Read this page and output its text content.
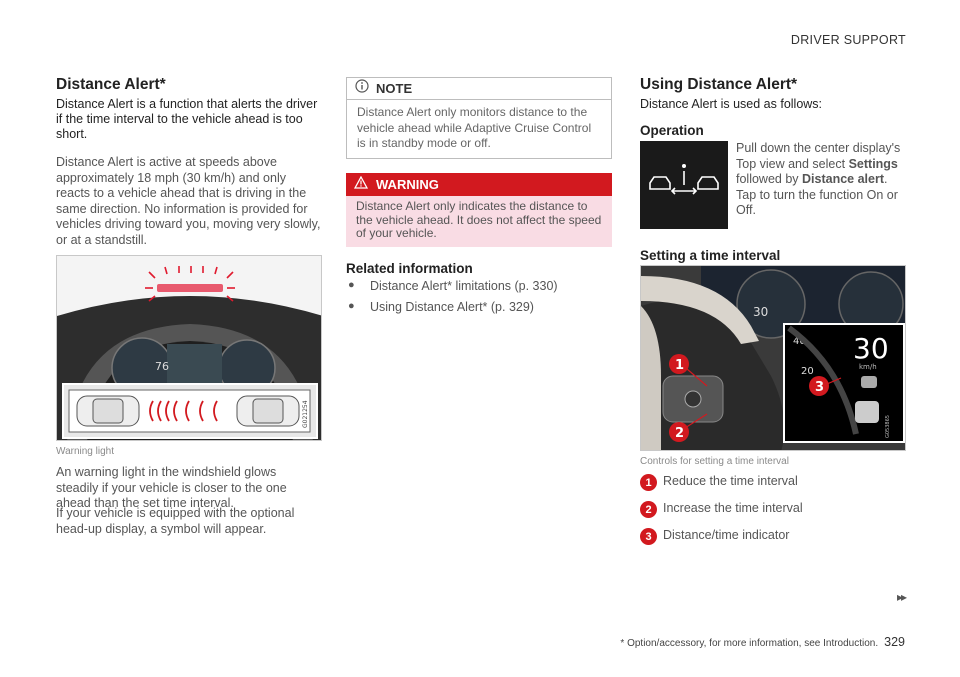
DRIVER SUPPORT
Distance Alert*

Distance Alert is a function that alerts the driver if the time interval to the vehicle ahead is too short.

Distance Alert is active at speeds above approximately 18 mph (30 km/h) and only reacts to a vehicle ahead that is driving in the same direction. No information is provided for vehicles driving toward you, moving very slowly, or at a standstill.

76
G021254
Warning light

An warning light in the windshield glows steadily if your vehicle is closer to the one ahead than the set time interval.

If your vehicle is equipped with the optional head-up display, a symbol will appear.

NOTE
Distance Alert only monitors distance to the vehicle ahead while Adaptive Cruise Control is in standby mode or off.
WARNING
Distance Alert only indicates the distance to the vehicle ahead. It does not affect the speed of your vehicle.
Related information
●	Distance Alert* limitations (p. 330)
●	Using Distance Alert* (p. 329)
Using Distance Alert*

Distance Alert is used as follows:

Operation
Pull down the center display's
Top view and select Settings
followed by Distance alert.
Tap to turn the function On or
Off.
Setting a time interval
30
30
km/h
40
20
G053865
1
2
3
Controls for setting a time interval
1 Reduce the time interval
2 Increase the time interval
3 Distance/time indicator
▸▸
* Option/accessory, for more information, see Introduction. 329
